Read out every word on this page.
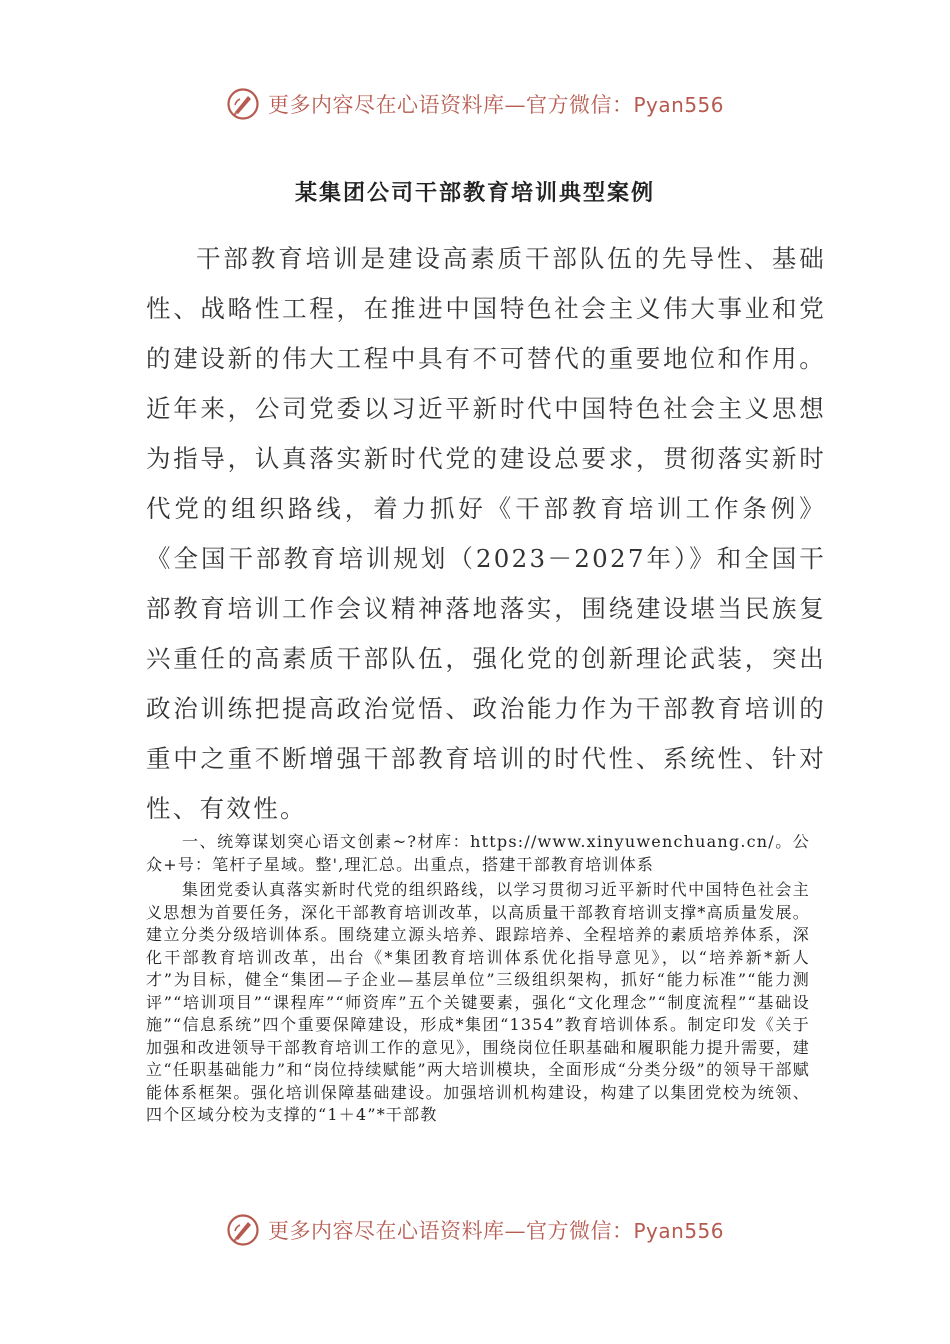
更多内容尽在心语资料库—官方微信：Pyan556
某集团公司干部教育培训典型案例

干部教育培训是建设高素质干部队伍的先导性、基础性、战略性工程，在推进中国特色社会主义伟大事业和党的建设新的伟大工程中具有不可替代的重要地位和作用。近年来，公司党委以习近平新时代中国特色社会主义思想为指导，认真落实新时代党的建设总要求，贯彻落实新时代党的组织路线，着力抓好《干部教育培训工作条例》《全国干部教育培训规划（2023－2027年）》和全国干部教育培训工作会议精神落地落实，围绕建设堪当民族复兴重任的高素质干部队伍，强化党的创新理论武装，突出政治训练把提高政治觉悟、政治能力作为干部教育培训的重中之重不断增强干部教育培训的时代性、系统性、针对性、有效性。

一、统筹谋划突心语文创素~?材库：https://www.xinyuwenchuang.cn/。公众+号：笔杆子星域。整',理汇总。出重点，搭建干部教育培训体系

集团党委认真落实新时代党的组织路线，以学习贯彻习近平新时代中国特色社会主义思想为首要任务，深化干部教育培训改革，以高质量干部教育培训支撑*高质量发展。建立分类分级培训体系。围绕建立源头培养、跟踪培养、全程培养的素质培养体系，深化干部教育培训改革，出台《*集团教育培训体系优化指导意见》，以“培养新*新人才”为目标，健全“集团—子企业—基层单位”三级组织架构，抓好“能力标准”“能力测评”“培训项目”“课程库”“师资库”五个关键要素，强化“文化理念”“制度流程”“基础设施”“信息系统”四个重要保障建设，形成*集团“1354”教育培训体系。制定印发《关于加强和改进领导干部教育培训工作的意见》，围绕岗位任职基础和履职能力提升需要，建立“任职基础能力”和“岗位持续赋能”两大培训模块，全面形成“分类分级”的领导干部赋能体系框架。强化培训保障基础建设。加强培训机构建设，构建了以集团党校为统领、四个区域分校为支撑的“1＋4”*干部教

更多内容尽在心语资料库—官方微信：Pyan556
